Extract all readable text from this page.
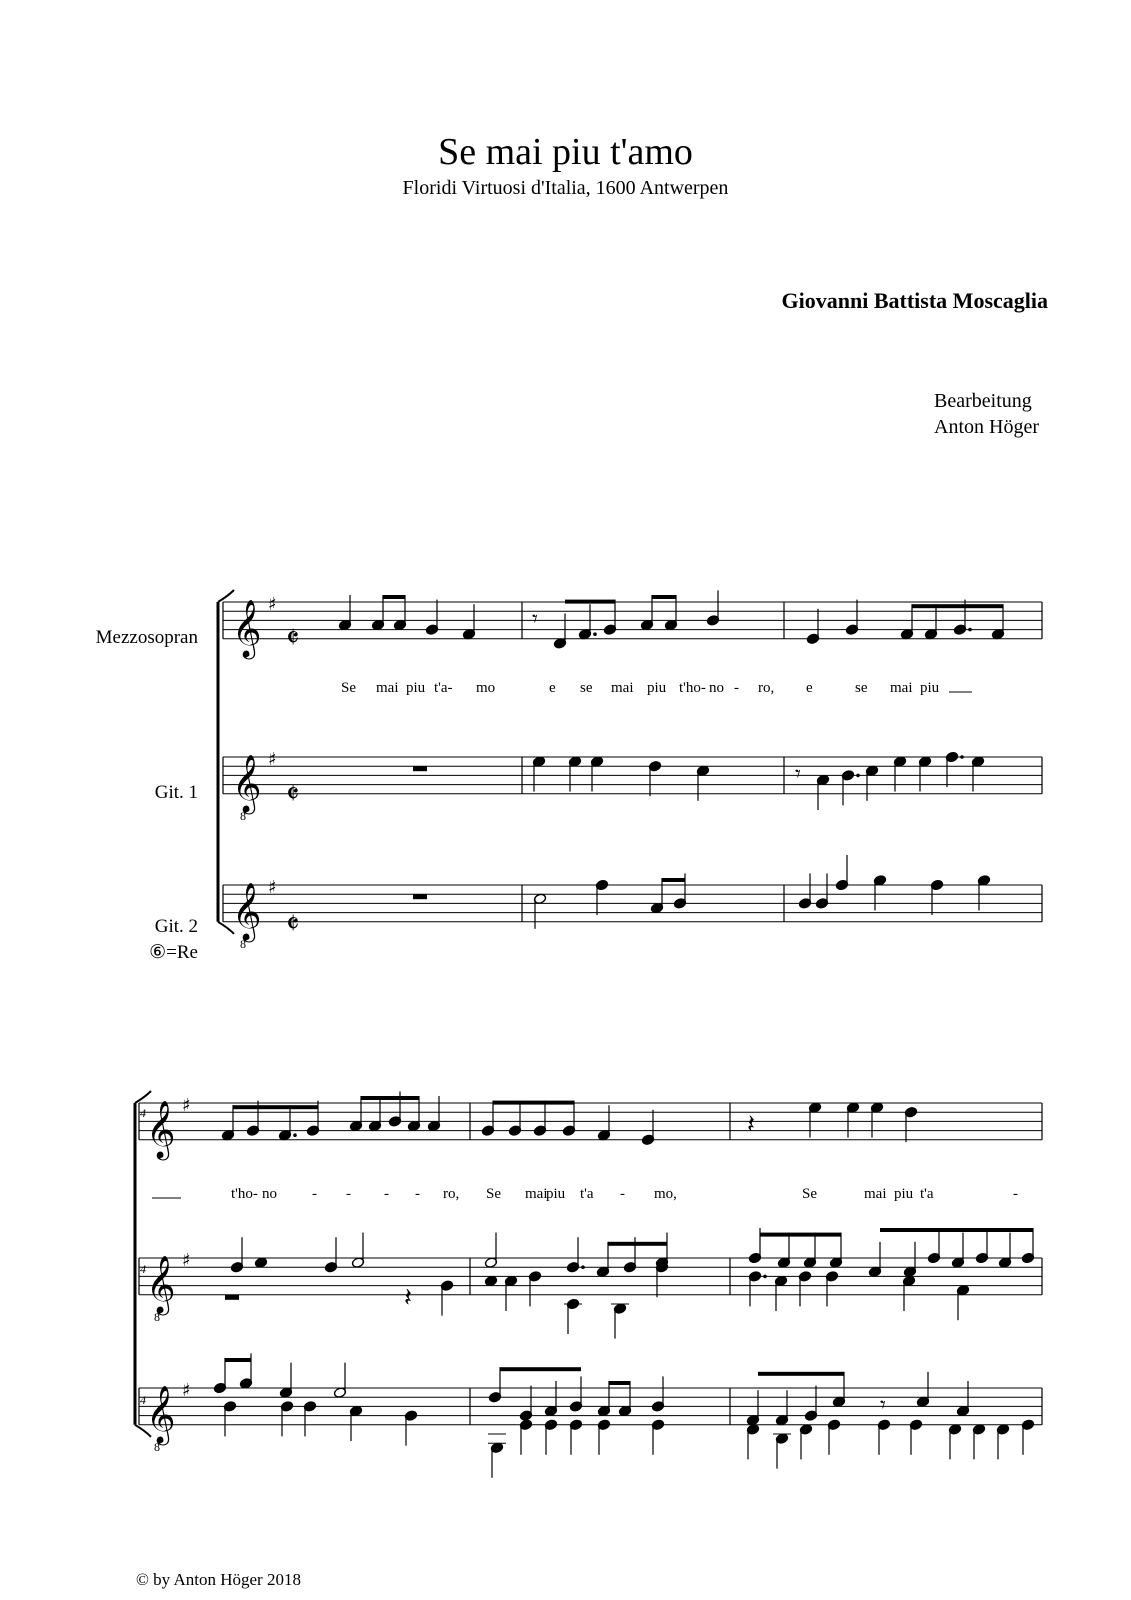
Se mai piu t'amo
Floridi Virtuosi d'Italia, 1600 Antwerpen
Giovanni Battista Moscaglia
Bearbeitung
Anton Höger
© by Anton Höger 2018
Mezzosopran
Git. 1
Git. 2
⑥=Re
4
4
4
𝄵
𝄵
𝄵
𝄞 ♯
𝄞
8
♯
𝄞
8
♯
𝄾
Se mai piu t'a- mo	e se mai piu t'ho- no - ro, e	se mai piu
𝄾
𝄞 ♯
𝄞
8
♯
𝄞
8
♯
𝄽
t'ho- no - - - - ro, Se mai
piu t'a - mo,	Se	mai piu t'a	-
𝄽
𝄾
